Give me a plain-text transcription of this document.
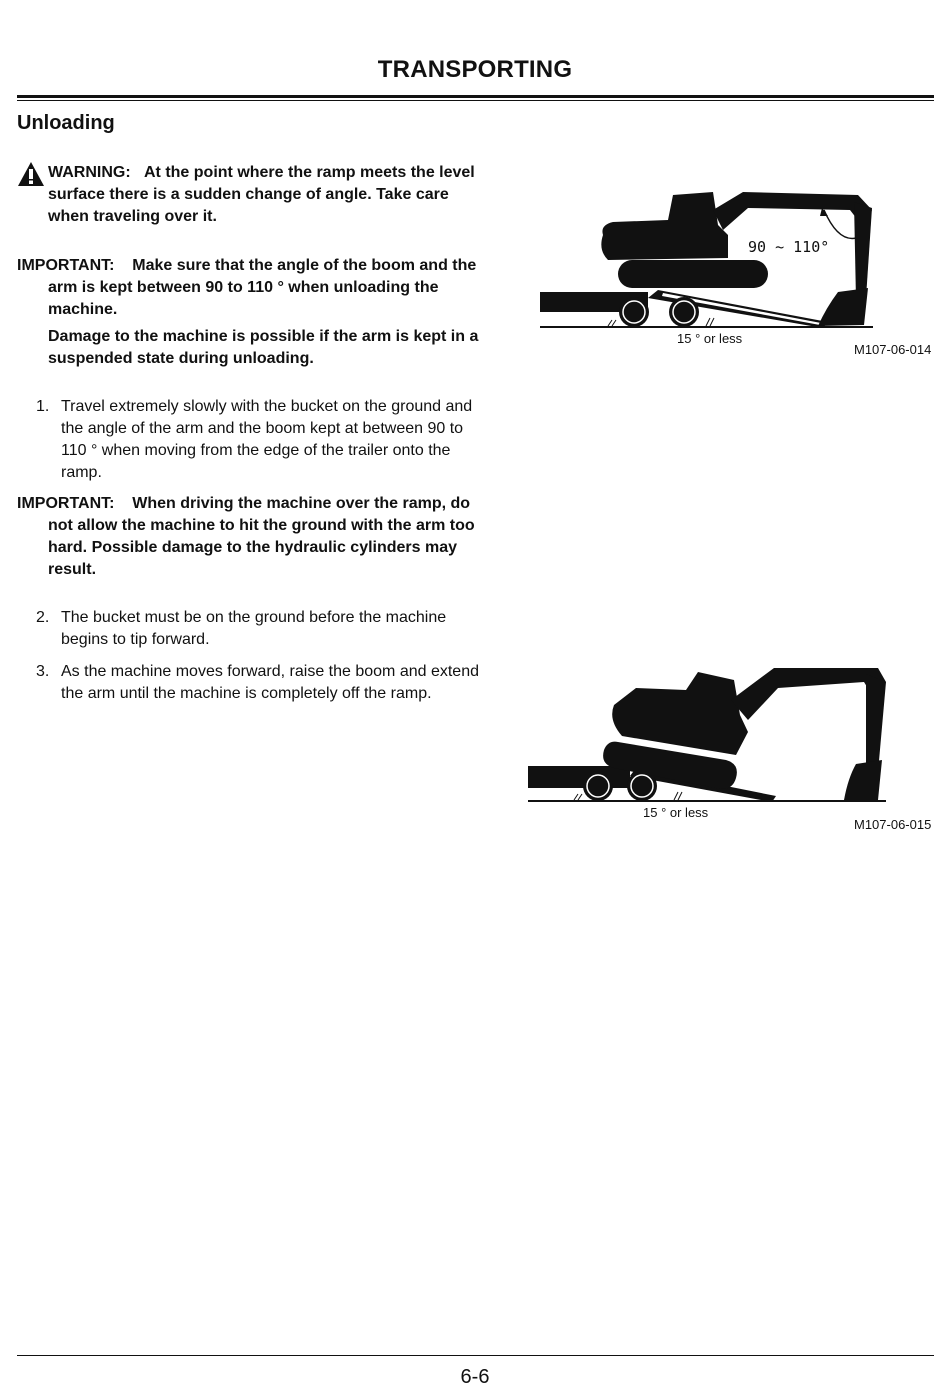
TRANSPORTING
Unloading
WARNING: At the point where the ramp meets the level surface there is a sudden change of angle. Take care when traveling over it.
IMPORTANT: Make sure that the angle of the boom and the arm is kept between 90 to 110 ° when unloading the machine.
Damage to the machine is possible if the arm is kept in a suspended state during unloading.
1. Travel extremely slowly with the bucket on the ground and the angle of the arm and the boom kept at between 90 to 110 ° when moving from the edge of the trailer onto the ramp.
IMPORTANT: When driving the machine over the ramp, do not allow the machine to hit the ground with the arm too hard. Possible damage to the hydraulic cylinders may result.
2. The bucket must be on the ground before the machine begins to tip forward.
3. As the machine moves forward, raise the boom and extend the arm until the machine is completely off the ramp.
90 ~ 110°
15 ° or less
M107-06-014
15 ° or less
M107-06-015
6-6
